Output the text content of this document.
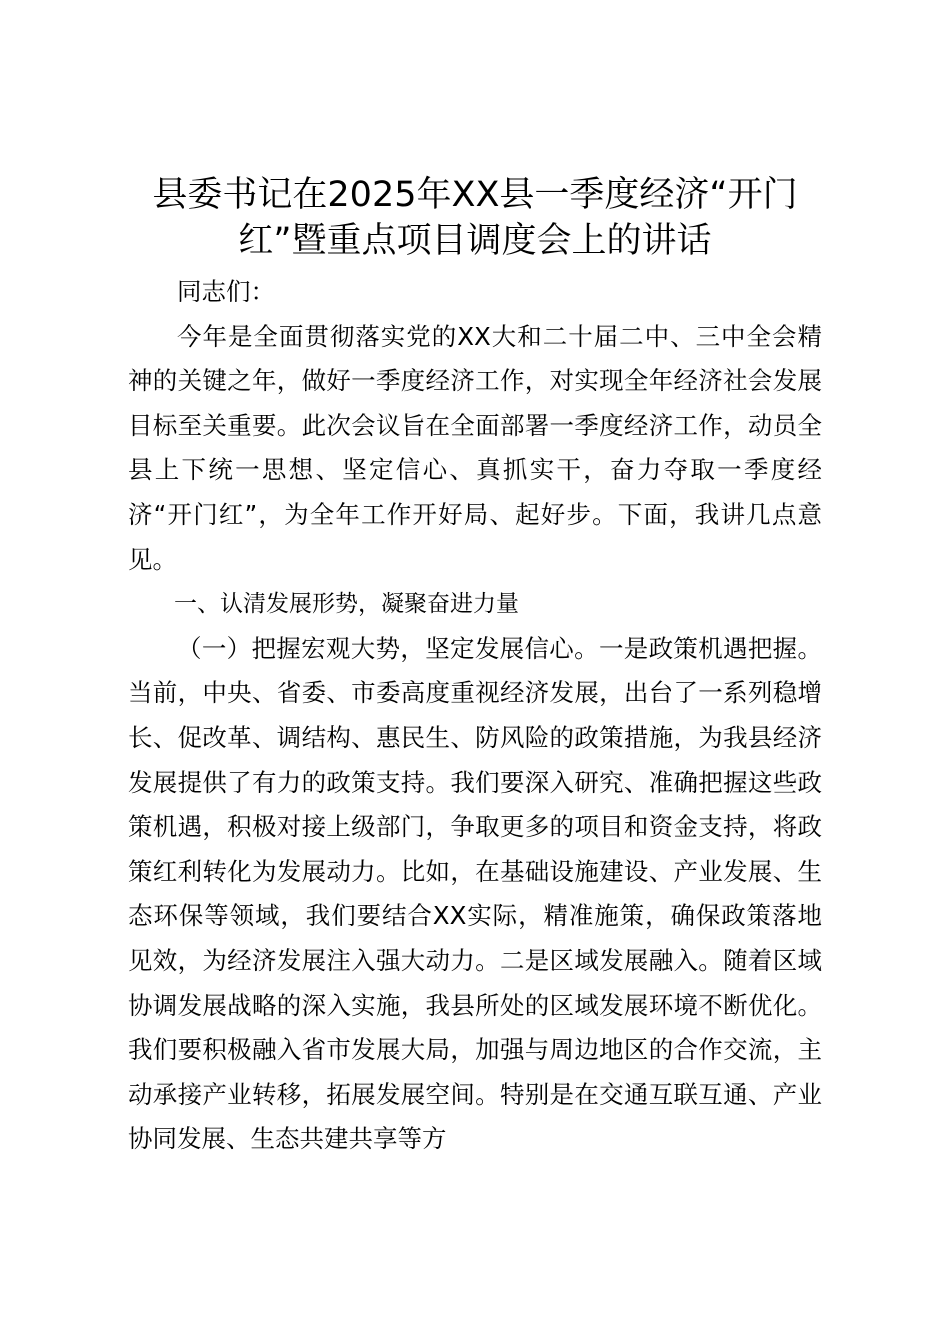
县委书记在2025年XX县一季度经济“开门
红”暨重点项目调度会上的讲话

同志们：

今年是全面贯彻落实党的XX大和二十届二中、三中全会精神的关键之年，做好一季度经济工作，对实现全年经济社会发展目标至关重要。此次会议旨在全面部署一季度经济工作，动员全县上下统一思想、坚定信心、真抓实干，奋力夺取一季度经济“开门红”，为全年工作开好局、起好步。下面，我讲几点意见。

一、认清发展形势，凝聚奋进力量

（一）把握宏观大势，坚定发展信心。一是政策机遇把握。当前，中央、省委、市委高度重视经济发展，出台了一系列稳增长、促改革、调结构、惠民生、防风险的政策措施，为我县经济发展提供了有力的政策支持。我们要深入研究、准确把握这些政策机遇，积极对接上级部门，争取更多的项目和资金支持，将政策红利转化为发展动力。比如，在基础设施建设、产业发展、生态环保等领域，我们要结合XX实际，精准施策，确保政策落地见效，为经济发展注入强大动力。二是区域发展融入。随着区域协调发展战略的深入实施，我县所处的区域发展环境不断优化。我们要积极融入省市发展大局，加强与周边地区的合作交流，主动承接产业转移，拓展发展空间。特别是在交通互联互通、产业协同发展、生态共建共享等方
